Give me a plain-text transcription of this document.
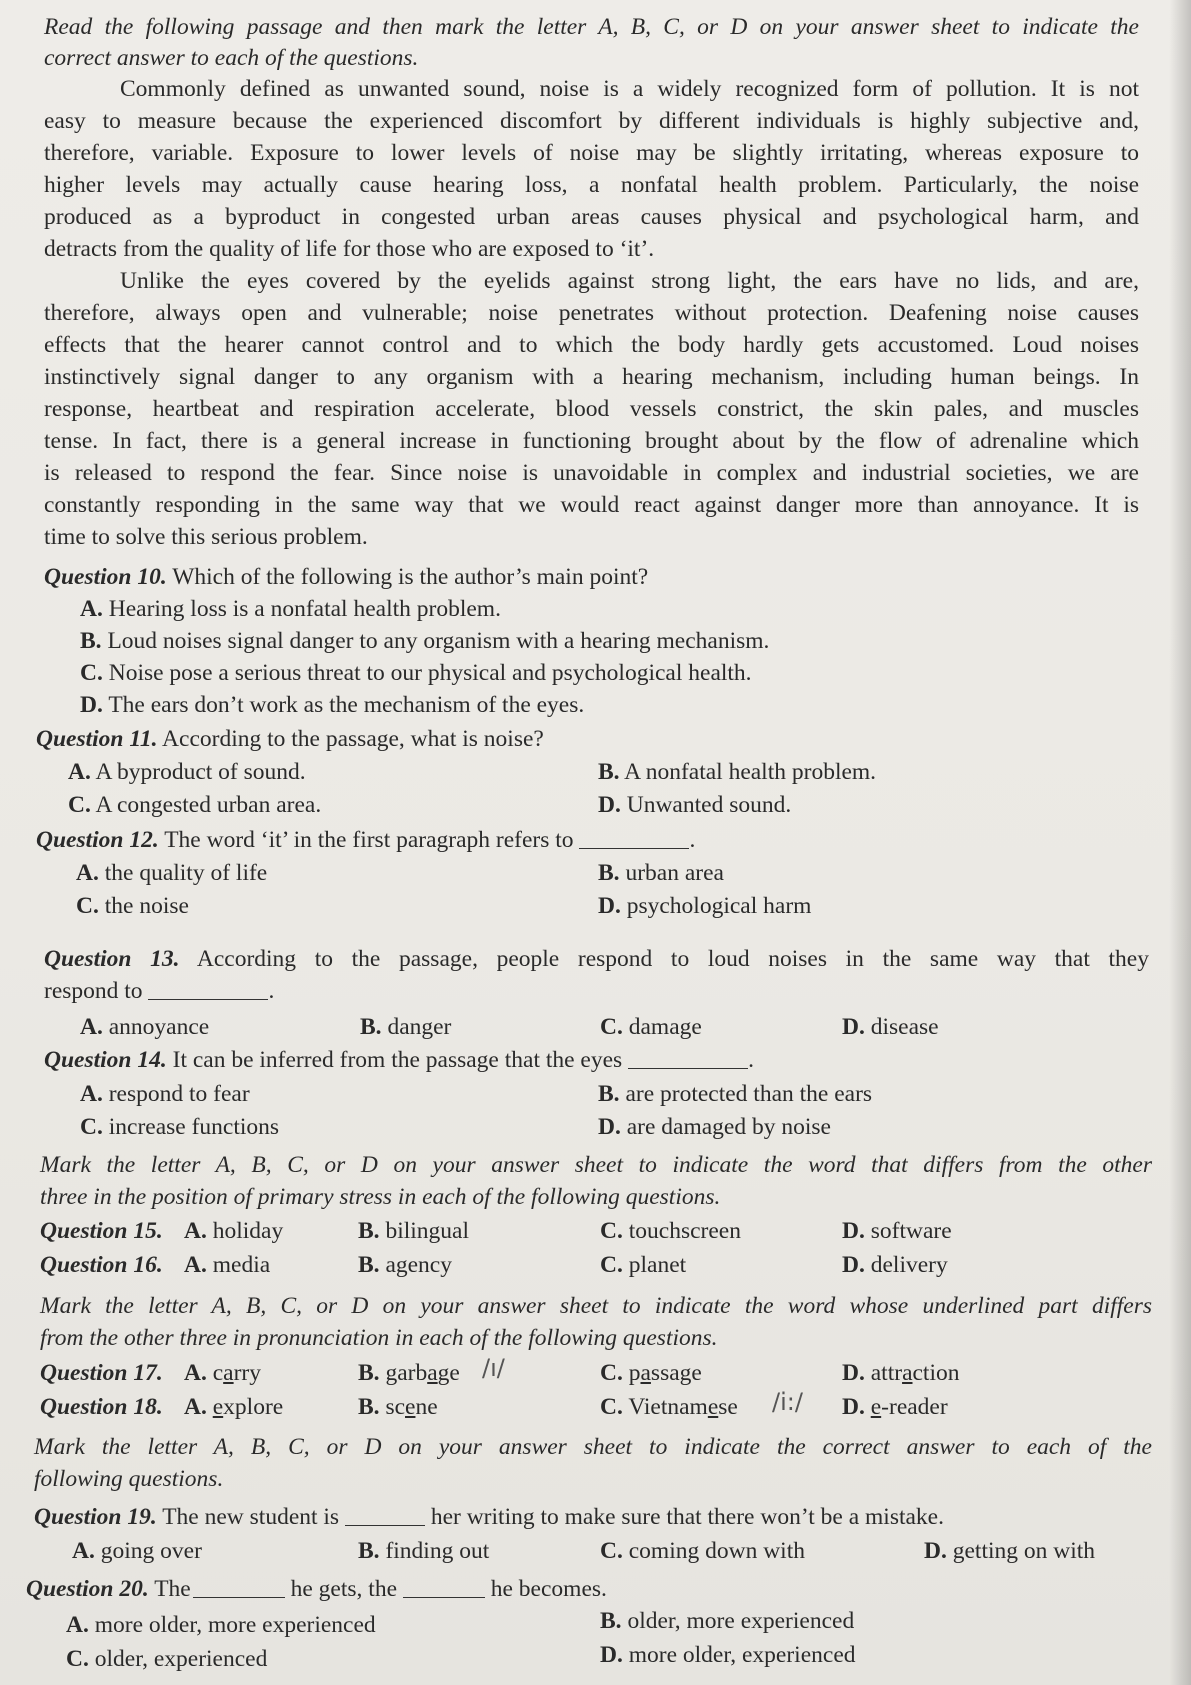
Read the following passage and then mark the letter A, B, C, or D on your answer sheet to indicate the
correct answer to each of the questions.
Commonly defined as unwanted sound, noise is a widely recognized form of pollution. It is not
easy to measure because the experienced discomfort by different individuals is highly subjective and,
therefore, variable. Exposure to lower levels of noise may be slightly irritating, whereas exposure to
higher levels may actually cause hearing loss, a nonfatal health problem. Particularly, the noise
produced as a byproduct in congested urban areas causes physical and psychological harm, and
detracts from the quality of life for those who are exposed to ‘it’.
Unlike the eyes covered by the eyelids against strong light, the ears have no lids, and are,
therefore, always open and vulnerable; noise penetrates without protection. Deafening noise causes
effects that the hearer cannot control and to which the body hardly gets accustomed. Loud noises
instinctively signal danger to any organism with a hearing mechanism, including human beings. In
response, heartbeat and respiration accelerate, blood vessels constrict, the skin pales, and muscles
tense. In fact, there is a general increase in functioning brought about by the flow of adrenaline which
is released to respond the fear. Since noise is unavoidable in complex and industrial societies, we are
constantly responding in the same way that we would react against danger more than annoyance. It is
time to solve this serious problem.
Question 10. Which of the following is the author’s main point?
A. Hearing loss is a nonfatal health problem.
B. Loud noises signal danger to any organism with a hearing mechanism.
C. Noise pose a serious threat to our physical and psychological health.
D. The ears don’t work as the mechanism of the eyes.
Question 11. According to the passage, what is noise?
A. A byproduct of sound.	B. A nonfatal health problem.
C. A congested urban area.	D. Unwanted sound.
Question 12. The word ‘it’ in the first paragraph refers to	.
A. the quality of life	B. urban area
C. the noise	D. psychological harm
Question 13. According to the passage, people respond to loud noises in the same way that they
respond to	.
A. annoyance	B. danger	C. damage	D. disease
Question 14. It can be inferred from the passage that the eyes	.
A. respond to fear	B. are protected than the ears
C. increase functions	D. are damaged by noise
Mark the letter A, B, C, or D on your answer sheet to indicate the word that differs from the other
three in the position of primary stress in each of the following questions.
Question 15. A. holiday	B. bilingual	C. touchscreen	D. software
Question 16. A. media	B. agency	C. planet	D. delivery
Mark the letter A, B, C, or D on your answer sheet to indicate the word whose underlined part differs
from the other three in pronunciation in each of the following questions.
Question 17. A. carry	B. garbage /ı/	C. passage	D. attraction
Question 18. A. explore	B. scene	C. Vietnamese /i:/ D. e-reader
Mark the letter A, B, C, or D on your answer sheet to indicate the correct answer to each of the
following questions.
Question 19. The new student is	her writing to make sure that there won’t be a mistake.
A. going over	B. finding out	C. coming down with	D. getting on with
Question 20. The	he gets, the	he becomes.
A. more older, more experienced	B. older, more experienced
C. older, experienced	D. more older, experienced
